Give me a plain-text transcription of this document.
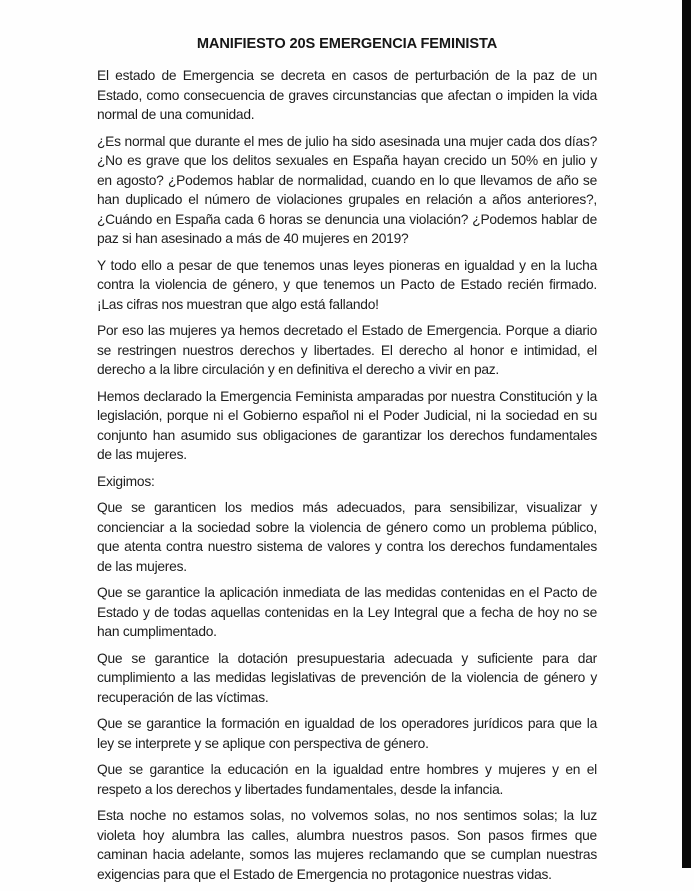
MANIFIESTO 20S EMERGENCIA FEMINISTA

El estado de Emergencia se decreta en casos de perturbación de la paz de un Estado, como consecuencia de graves circunstancias que afectan o impiden la vida normal de una comunidad.

¿Es normal que durante el mes de julio ha sido asesinada una mujer cada dos días? ¿No es grave que los delitos sexuales en España hayan crecido un 50% en julio y en agosto? ¿Podemos hablar de normalidad, cuando en lo que llevamos de año se han duplicado el número de violaciones grupales en relación a años anteriores?, ¿Cuándo en España cada 6 horas se denuncia una violación? ¿Podemos hablar de paz si han asesinado a más de 40 mujeres en 2019?

Y todo ello a pesar de que tenemos unas leyes pioneras en igualdad y en la lucha contra la violencia de género, y que tenemos un Pacto de Estado recién firmado. ¡Las cifras nos muestran que algo está fallando!

Por eso las mujeres ya hemos decretado el Estado de Emergencia. Porque a diario se restringen nuestros derechos y libertades. El derecho al honor e intimidad, el derecho a la libre circulación y en definitiva el derecho a vivir en paz.

Hemos declarado la Emergencia Feminista amparadas por nuestra Constitución y la legislación, porque ni el Gobierno español ni el Poder Judicial, ni la sociedad en su conjunto han asumido sus obligaciones de garantizar los derechos fundamentales de las mujeres.

Exigimos:

Que se garanticen los medios más adecuados, para sensibilizar, visualizar y concienciar a la sociedad sobre la violencia de género como un problema público, que atenta contra nuestro sistema de valores y contra los derechos fundamentales de las mujeres.

Que se garantice la aplicación inmediata de las medidas contenidas en el Pacto de Estado y de todas aquellas contenidas en la Ley Integral que a fecha de hoy no se han cumplimentado.

Que se garantice la dotación presupuestaria adecuada y suficiente para dar cumplimiento a las medidas legislativas de prevención de la violencia de género y recuperación de las víctimas.

Que se garantice la formación en igualdad de los operadores jurídicos para que la ley se interprete y se aplique con perspectiva de género.

Que se garantice la educación en la igualdad entre hombres y mujeres y en el respeto a los derechos y libertades fundamentales, desde la infancia.

Esta noche no estamos solas, no volvemos solas, no nos sentimos solas; la luz violeta hoy alumbra las calles, alumbra nuestros pasos. Son pasos firmes que caminan hacia adelante, somos las mujeres reclamando que se cumplan nuestras exigencias para que el Estado de Emergencia no protagonice nuestras vidas.
